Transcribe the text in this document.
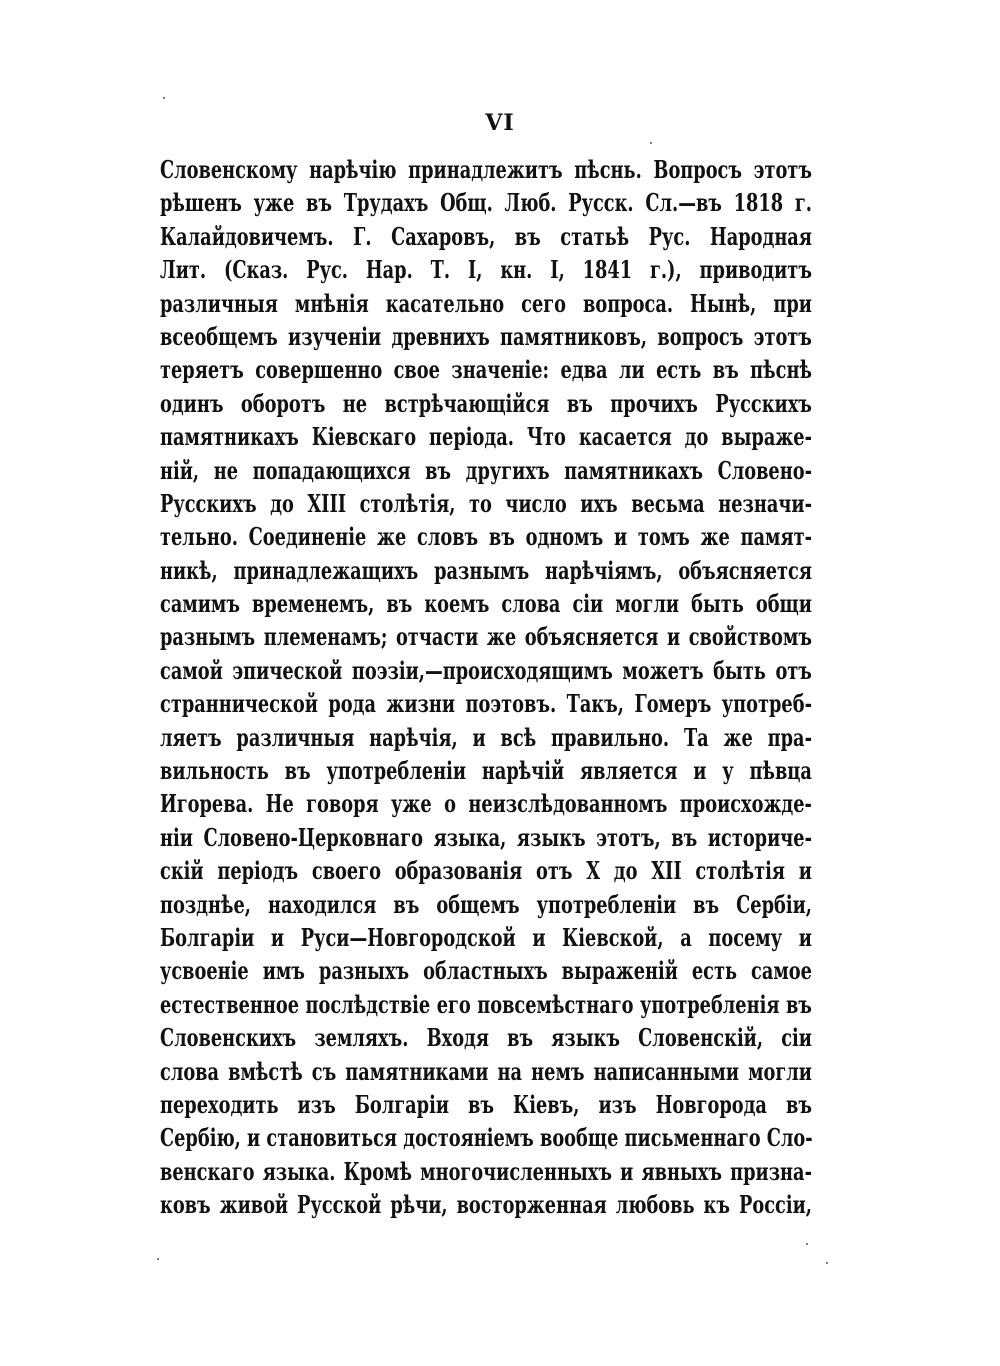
VI
Словенскому нарѣчію принадлежитъ пѣснь. Вопросъ этотъ
рѣшенъ уже въ Трудахъ Общ. Люб. Русск. Сл.—въ 1818 г.
Калайдовичемъ. Г. Сахаровъ, въ статьѣ Рус. Народная
Лит. (Сказ. Рус. Нар. Т. I, кн. I, 1841 г.), приводитъ
различныя мнѣнія касательно сего вопроса. Нынѣ, при
всеобщемъ изученіи древнихъ памятниковъ, вопросъ этотъ
теряетъ совершенно свое значеніе: едва ли есть въ пѣснѣ
одинъ оборотъ не встрѣчающійся въ прочихъ Русскихъ
памятникахъ Кіевскаго періода. Что касается до выраже-
ній, не попадающихся въ другихъ памятникахъ Словено-
Русскихъ до XIII столѣтія, то число ихъ весьма незначи-
тельно. Соединеніе же словъ въ одномъ и томъ же памят-
никѣ, принадлежащихъ разнымъ нарѣчіямъ, объясняется
самимъ временемъ, въ коемъ слова сіи могли быть общи
разнымъ племенамъ; отчасти же объясняется и свойствомъ
самой эпической поэзіи,—происходящимъ можетъ быть отъ
страннической рода жизни поэтовъ. Такъ, Гомеръ употреб-
ляетъ различныя нарѣчія, и всѣ правильно. Та же пра-
вильность въ употребленіи нарѣчій является и у пѣвца
Игорева. Не говоря уже о неизслѣдованномъ происхожде-
ніи Словено-Церковнаго языка, языкъ этотъ, въ историче-
скій періодъ своего образованія отъ X до XII столѣтія и
позднѣе, находился въ общемъ употребленіи въ Сербіи,
Болгаріи и Руси—Новгородской и Кіевской, а посему и
усвоеніе имъ разныхъ областныхъ выраженій есть самое
естественное послѣдствіе его повсемѣстнаго употребленія въ
Словенскихъ земляхъ. Входя въ языкъ Словенскій, сіи
слова вмѣстѣ съ памятниками на немъ написанными могли
переходить изъ Болгаріи въ Кіевъ, изъ Новгорода въ
Сербію, и становиться достояніемъ вообще письменнаго Сло-
венскаго языка. Кромѣ многочисленныхъ и явныхъ призна-
ковъ живой Русской рѣчи, восторженная любовь къ Россіи,
